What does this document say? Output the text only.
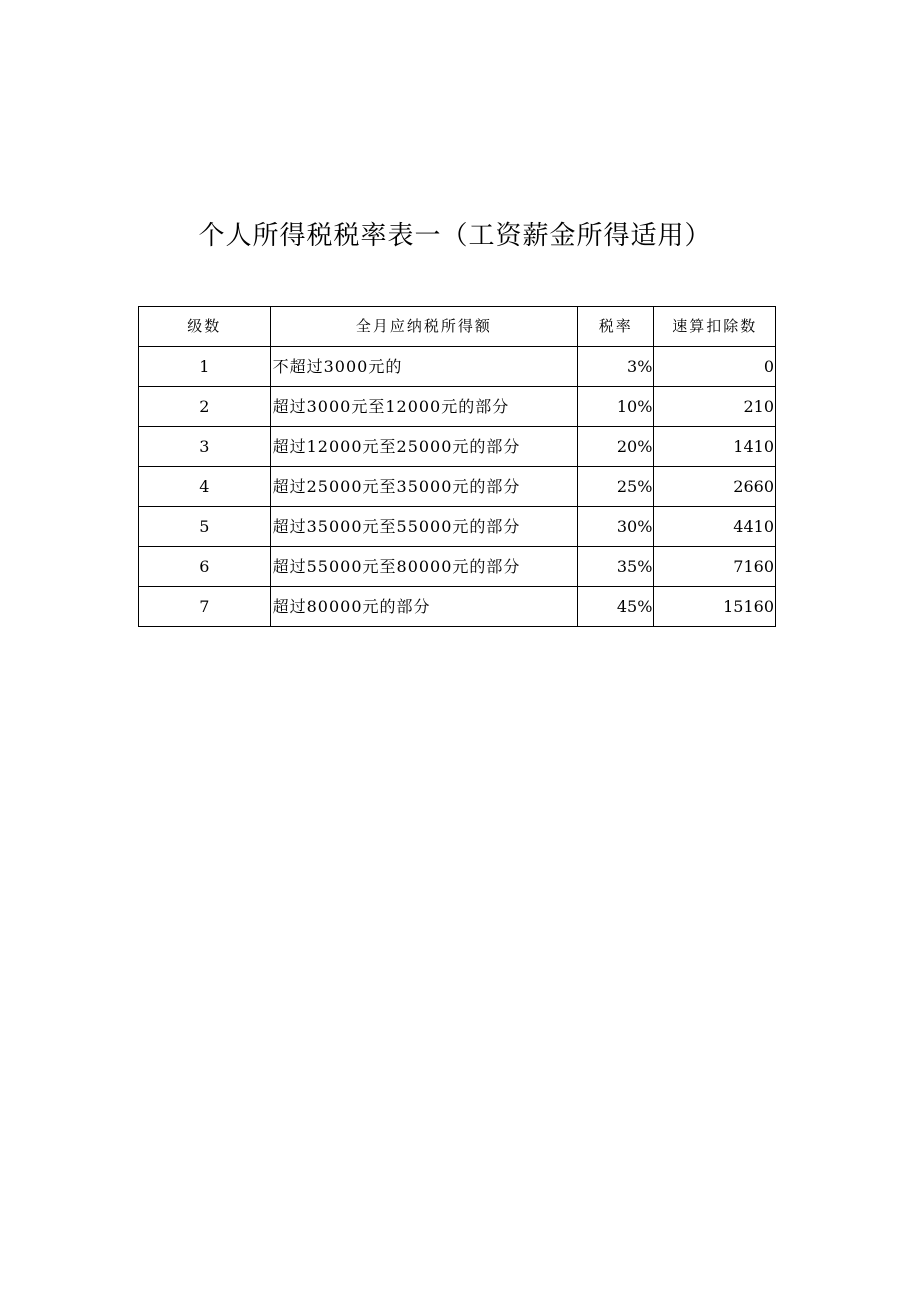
个人所得税税率表一（工资薪金所得适用）
级数	全月应纳税所得额	税率	速算扣除数
1	不超过3000元的	3%	0
2	超过3000元至12000元的部分	10%	210
3	超过12000元至25000元的部分	20%	1410
4	超过25000元至35000元的部分	25%	2660
5	超过35000元至55000元的部分	30%	4410
6	超过55000元至80000元的部分	35%	7160
7	超过80000元的部分	45%	15160
